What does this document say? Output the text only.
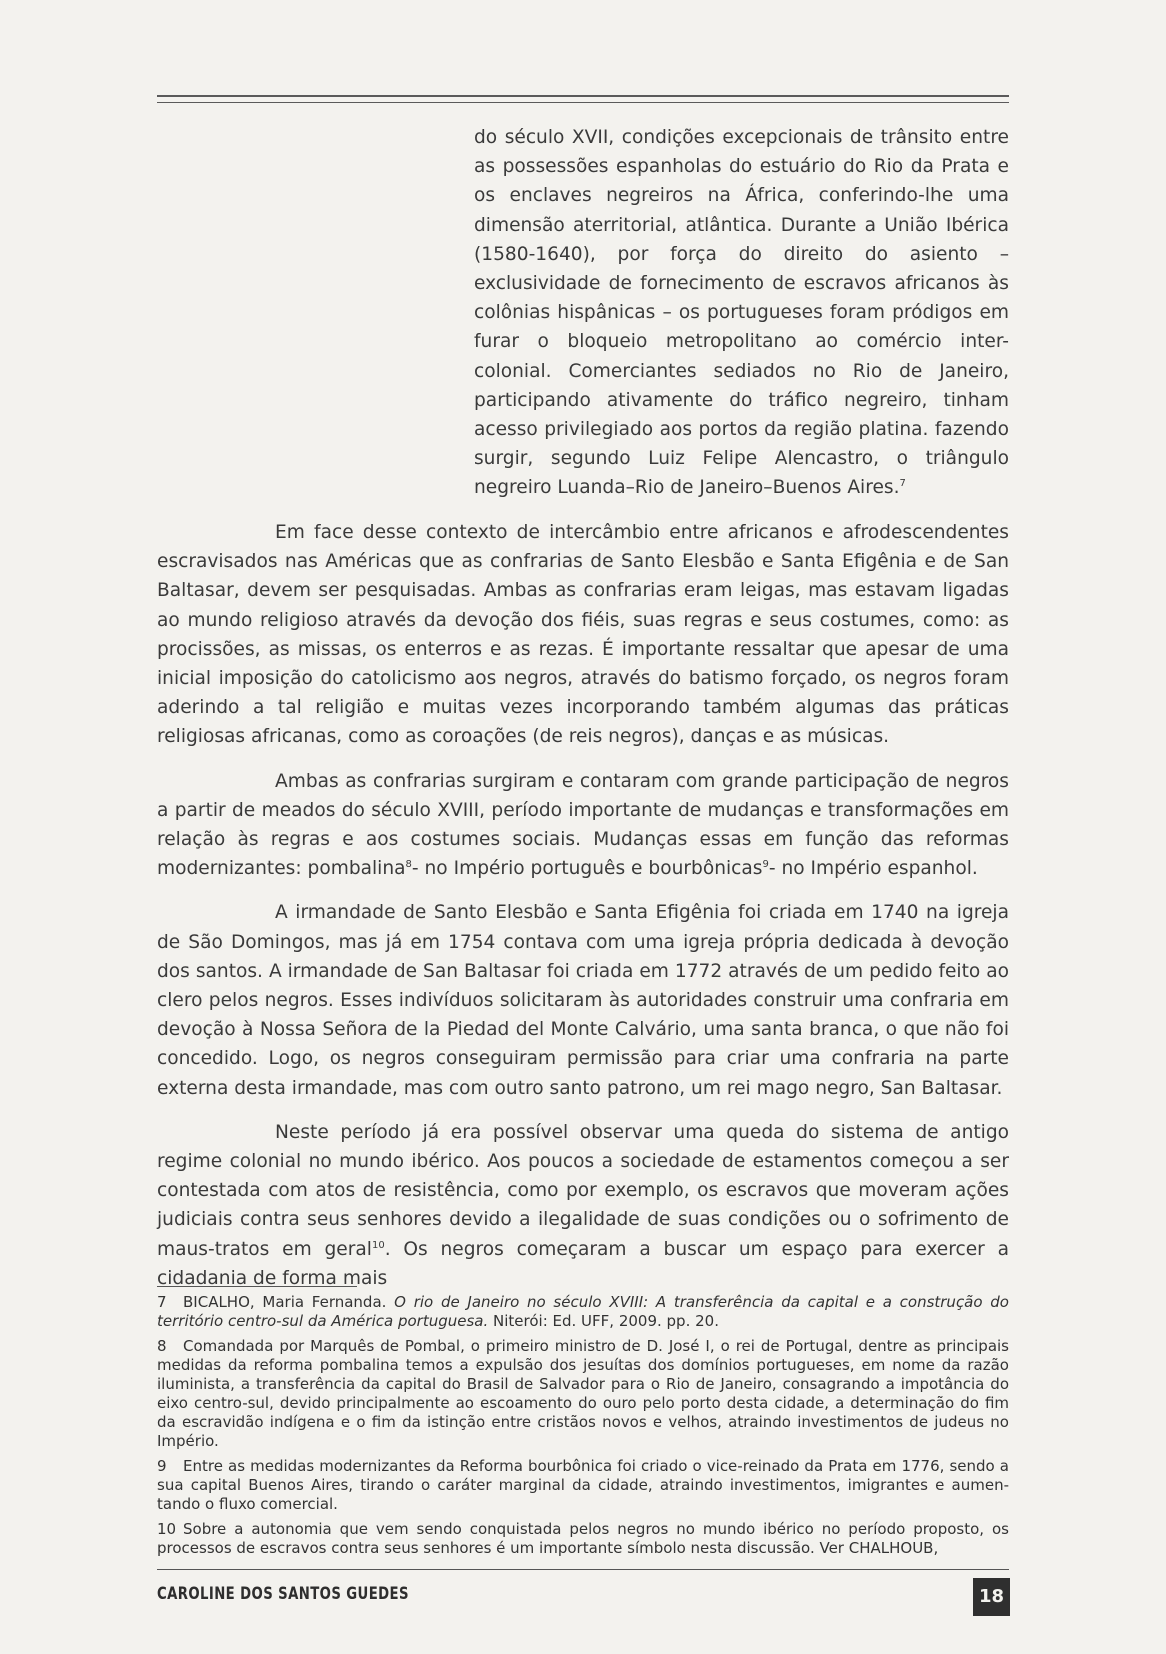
do século XVII, condições excepcionais de trânsito entre as possessões espanholas do estuário do Rio da Prata e os enclaves negreiros na África, conferindo-lhe uma dimensão aterritorial, atlântica. Durante a União Ibérica (1580-1640), por força do direito do asiento – exclusividade de fornecimento de escravos africanos às colônias hispânicas – os portugueses foram pródigos em furar o bloqueio metropolitano ao comércio inter-colonial. Comerciantes sediados no Rio de Janeiro, participando ativamente do tráfico negreiro, tinham acesso privilegiado aos portos da região platina. fazendo surgir, segundo Luiz Felipe Alencastro, o triângulo negreiro Luanda–Rio de Janeiro–Buenos Aires.$^7$

Em face desse contexto de intercâmbio entre africanos e afrodescendentes escravisados nas Américas que as confrarias de Santo Elesbão e Santa Efigênia e de San Baltasar, devem ser pesquisadas. Ambas as confrarias eram leigas, mas estavam ligadas ao mundo religioso através da devoção dos fiéis, suas regras e seus costumes, como: as procissões, as missas, os enterros e as rezas. É importante ressaltar que apesar de uma inicial imposição do catolicismo aos negros, através do batismo forçado, os negros foram aderindo a tal religião e muitas vezes incorporando também algumas das práticas religiosas africanas, como as coroações (de reis negros), danças e as músicas.

Ambas as confrarias surgiram e contaram com grande participação de negros a partir de meados do século XVIII, período importante de mudanças e transformações em relação às regras e aos costumes sociais. Mudanças essas em função das reformas modernizantes: pombalina$^8$- no Império português e bourbônicas$^9$- no Império espanhol.

A irmandade de Santo Elesbão e Santa Efigênia foi criada em 1740 na igreja de São Domingos, mas já em 1754 contava com uma igreja própria dedicada à devoção dos santos. A irmandade de San Baltasar foi criada em 1772 através de um pedido feito ao clero pelos negros. Esses indivíduos solicitaram às autoridades construir uma confraria em devoção à Nossa Señora de la Piedad del Monte Calvário, uma santa branca, o que não foi concedido. Logo, os negros conseguiram permissão para criar uma confraria na parte externa desta irmandade, mas com outro santo patrono, um rei mago negro, San Baltasar.

Neste período já era possível observar uma queda do sistema de antigo regime colonial no mundo ibérico. Aos poucos a sociedade de estamentos começou a ser contestada com atos de resistência, como por exemplo, os escravos que moveram ações judiciais contra seus senhores devido a ilegalidade de suas condições ou o sofrimento de maus-tratos em geral$^{10}$. Os negros começaram a buscar um espaço para exercer a cidadania de forma mais

7 BICALHO, Maria Fernanda. O rio de Janeiro no século XVIII: A transferência da capital e a construção do território centro-sul da América portuguesa. Niterói: Ed. UFF, 2009. pp. 20.

8 Comandada por Marquês de Pombal, o primeiro ministro de D. José I, o rei de Portugal, dentre as principais medidas da reforma pombalina temos a expulsão dos jesuítas dos domínios portugueses, em nome da razão iluminista, a transferência da capital do Brasil de Salvador para o Rio de Janeiro, consagrando a impotância do eixo centro-sul, devido principalmente ao escoamento do ouro pelo porto desta cidade, a determinação do fim da escravidão indígena e o fim da istinção entre cristãos novos e velhos, atraindo investimentos de judeus no Império.

9 Entre as medidas modernizantes da Reforma bourbônica foi criado o vice-reinado da Prata em 1776, sendo a sua capital Buenos Aires, tirando o caráter marginal da cidade, atraindo investimentos, imigrantes e aumen-tando o fluxo comercial.

10 Sobre a autonomia que vem sendo conquistada pelos negros no mundo ibérico no período proposto, os processos de escravos contra seus senhores é um importante símbolo nesta discussão. Ver CHALHOUB,

CAROLINE DOS SANTOS GUEDES	18
